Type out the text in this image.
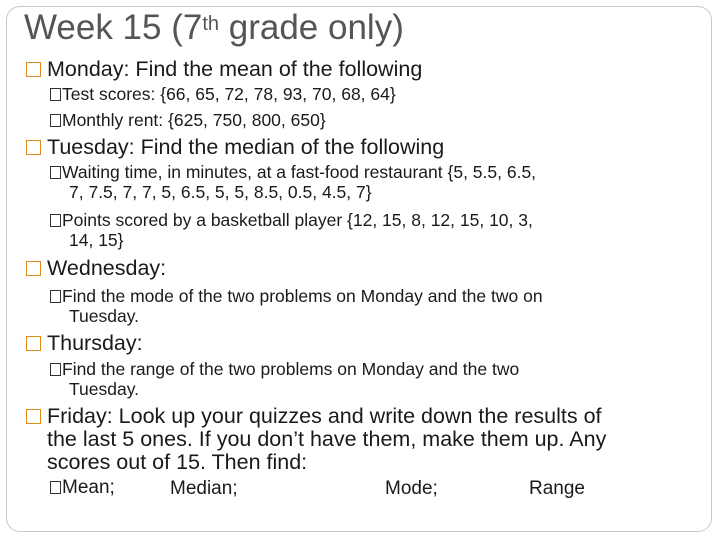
Week 15 (7th grade only)
Monday: Find the mean of the following
Test scores: {66, 65, 72, 78, 93, 70, 68, 64}
Monthly rent: {625, 750, 800, 650}
Tuesday: Find the median of the following
Waiting time, in minutes, at a fast-food restaurant {5, 5.5, 6.5,
7, 7.5, 7, 7, 5, 6.5, 5, 5, 8.5, 0.5, 4.5, 7}
Points scored by a basketball player {12, 15, 8, 12, 15, 10, 3,
14, 15}
Wednesday:
Find the mode of the two problems on Monday and the two on
Tuesday.
Thursday:
Find the range of the two problems on Monday and the two
Tuesday.
Friday: Look up your quizzes and write down the results of
the last 5 ones. If you don’t have them, make them up. Any
scores out of 15. Then find:
Mean;	Median;	Mode;	Range
